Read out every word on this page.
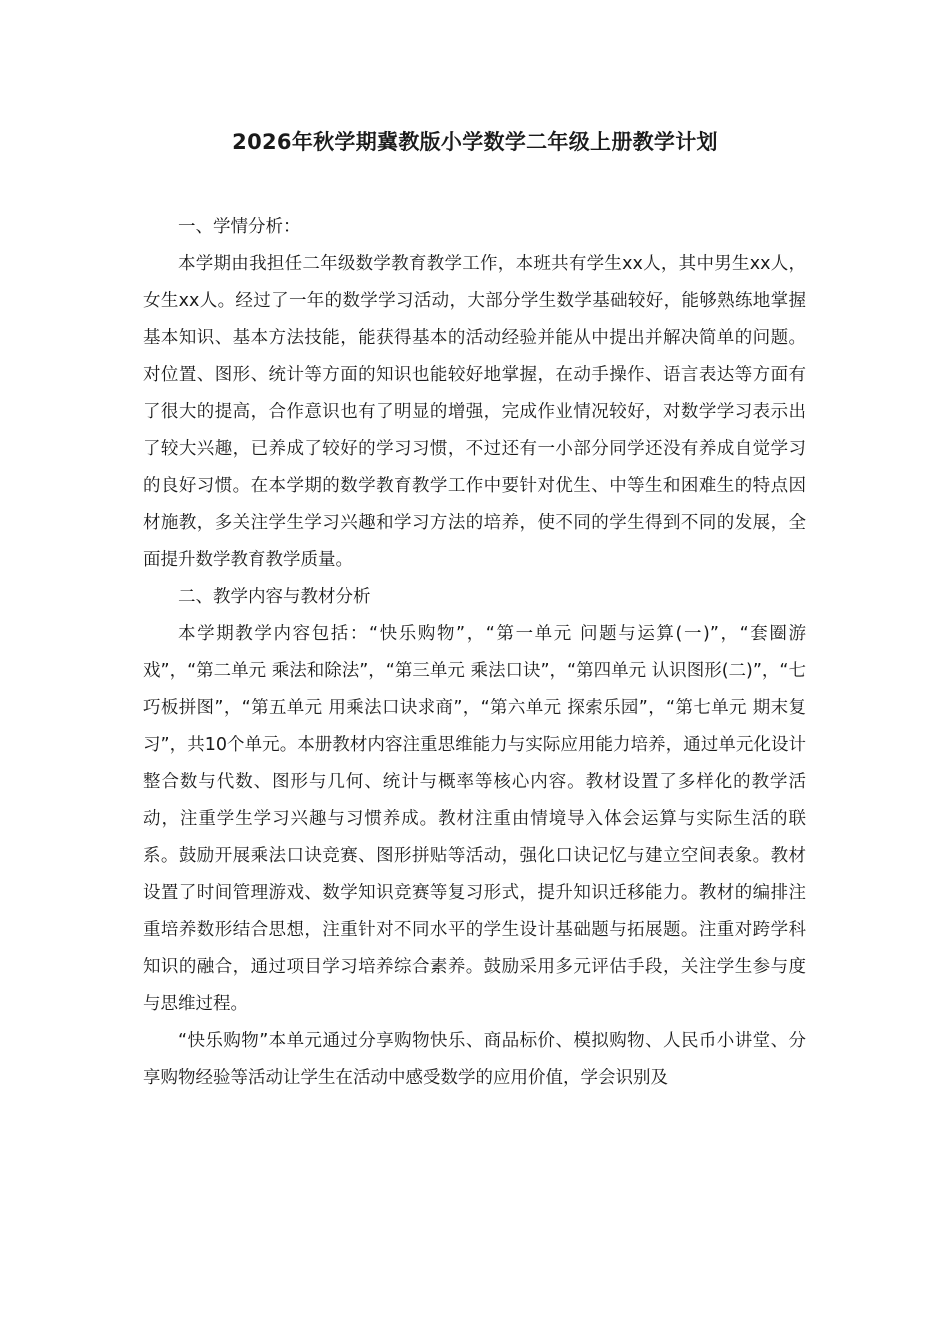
2026年秋学期冀教版小学数学二年级上册教学计划

一、学情分析：

本学期由我担任二年级数学教育教学工作，本班共有学生xx人，其中男生xx人，女生xx人。经过了一年的数学学习活动，大部分学生数学基础较好，能够熟练地掌握基本知识、基本方法技能，能获得基本的活动经验并能从中提出并解决简单的问题。对位置、图形、统计等方面的知识也能较好地掌握，在动手操作、语言表达等方面有了很大的提高，合作意识也有了明显的增强，完成作业情况较好，对数学学习表示出了较大兴趣，已养成了较好的学习习惯，不过还有一小部分同学还没有养成自觉学习的良好习惯。在本学期的数学教育教学工作中要针对优生、中等生和困难生的特点因材施教，多关注学生学习兴趣和学习方法的培养，使不同的学生得到不同的发展，全面提升数学教育教学质量。

二、教学内容与教材分析

本学期教学内容包括：“快乐购物”，“第一单元 问题与运算(一)”，“套圈游戏”，“第二单元 乘法和除法”，“第三单元 乘法口诀”，“第四单元 认识图形(二)”，“七巧板拼图”，“第五单元 用乘法口诀求商”，“第六单元 探索乐园”，“第七单元 期末复习”，共10个单元。本册教材内容注重思维能力与实际应用能力培养，通过单元化设计整合数与代数、图形与几何、统计与概率等核心内容。教材设置了多样化的教学活动，注重学生学习兴趣与习惯养成。教材注重由情境导入体会运算与实际生活的联系。鼓励开展乘法口诀竞赛、图形拼贴等活动，强化口诀记忆与建立空间表象。教材设置了时间管理游戏、数学知识竞赛等复习形式，提升知识迁移能力。教材的编排注重培养数形结合思想，注重针对不同水平的学生设计基础题与拓展题。注重对跨学科知识的融合，通过项目学习培养综合素养。鼓励采用多元评估手段，关注学生参与度与思维过程。

“快乐购物”本单元通过分享购物快乐、商品标价、模拟购物、人民币小讲堂、分享购物经验等活动让学生在活动中感受数学的应用价值，学会识别及
